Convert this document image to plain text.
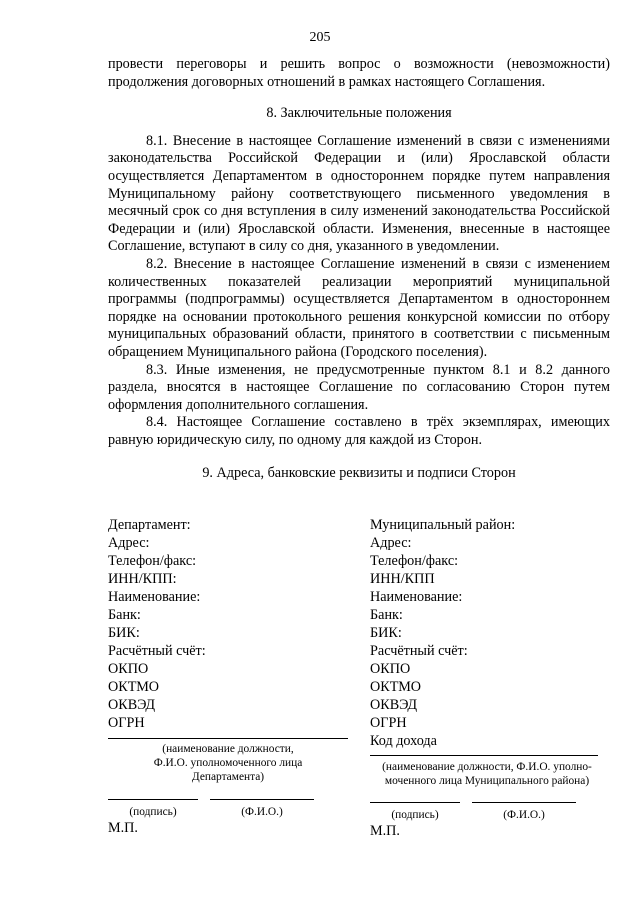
205

провести переговоры и решить вопрос о возможности (невозможности) продолжения договорных отношений в рамках настоящего Соглашения.

8. Заключительные положения

8.1. Внесение в настоящее Соглашение изменений в связи с изменениями законодательства Российской Федерации и (или) Ярославской области осуществляется Департаментом в одностороннем порядке путем направления Муниципальному району соответствующего письменного уведомления в месячный срок со дня вступления в силу изменений законодательства Российской Федерации и (или) Ярославской области. Изменения, внесенные в настоящее Соглашение, вступают в силу со дня, указанного в уведомлении.

8.2. Внесение в настоящее Соглашение изменений в связи с изменением количественных показателей реализации мероприятий муниципальной программы (подпрограммы) осуществляется Департаментом в одностороннем порядке на основании протокольного решения конкурсной комиссии по отбору муниципальных образований области, принятого в соответствии с письменным обращением Муниципального района (Городского поселения).

8.3. Иные изменения, не предусмотренные пунктом 8.1 и 8.2 данного раздела, вносятся в настоящее Соглашение по согласованию Сторон путем оформления дополнительного соглашения.

8.4. Настоящее Соглашение составлено в трёх экземплярах, имеющих равную юридическую силу, по одному для каждой из Сторон.

9. Адреса, банковские реквизиты и подписи Сторон

Департамент:
Адрес:
Телефон/факс:
ИНН/КПП:
Наименование:
Банк:
БИК:
Расчётный счёт:
ОКПО
ОКТМО
ОКВЭД
ОГРН
Муниципальный район:
Адрес:
Телефон/факс:
ИНН/КПП
Наименование:
Банк:
БИК:
Расчётный счёт:
ОКПО
ОКТМО
ОКВЭД
ОГРН
Код дохода
(наименование должности,
Ф.И.О. уполномоченного лица
Департамента)
(подпись)	(Ф.И.О.)
М.П.
(наименование должности, Ф.И.О. уполно-
моченного лица Муниципального района)
(подпись)	(Ф.И.О.)
М.П.
